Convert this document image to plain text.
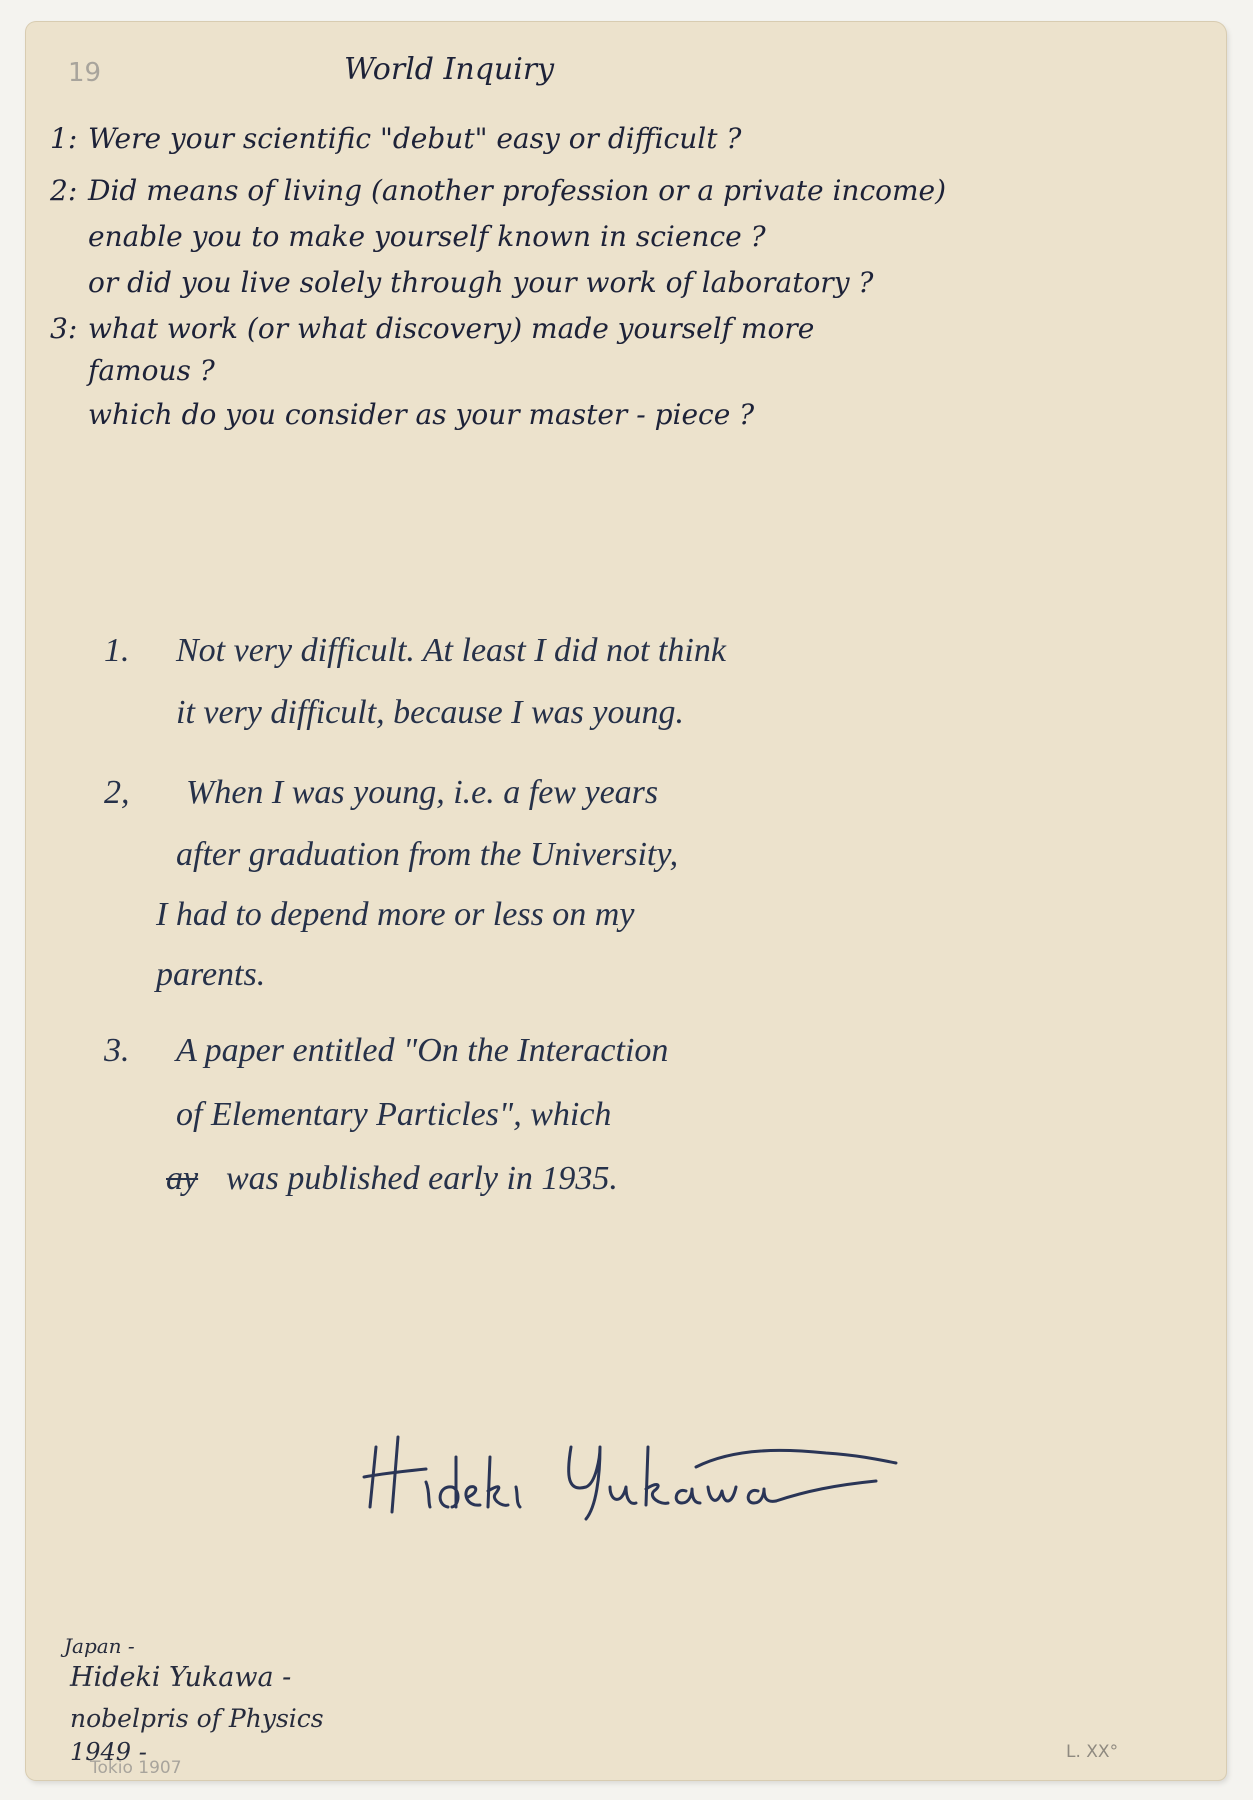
19	World Inquiry
1: Were your scientific "debut" easy or difficult ?
2: Did means of living (another profession or a private income)
enable you to make yourself known in science ?
or did you live solely through your work of laboratory ?
3: what work (or what discovery) made yourself more
famous ?
which do you consider as your master - piece ?
1. Not very difficult. At least I did not think
it very difficult, because I was young.
2, When I was young, i.e. a few years
after graduation from the University,
I had to depend more or less on my
parents.
3. A paper entitled "On the Interaction
of Elementary Particles", which
ay was published early in 1935.
Hideki Yukawa
Japan -
Hideki Yukawa -
nobelpris of Physics
1949 -
Tokio 1907
L. XX°
